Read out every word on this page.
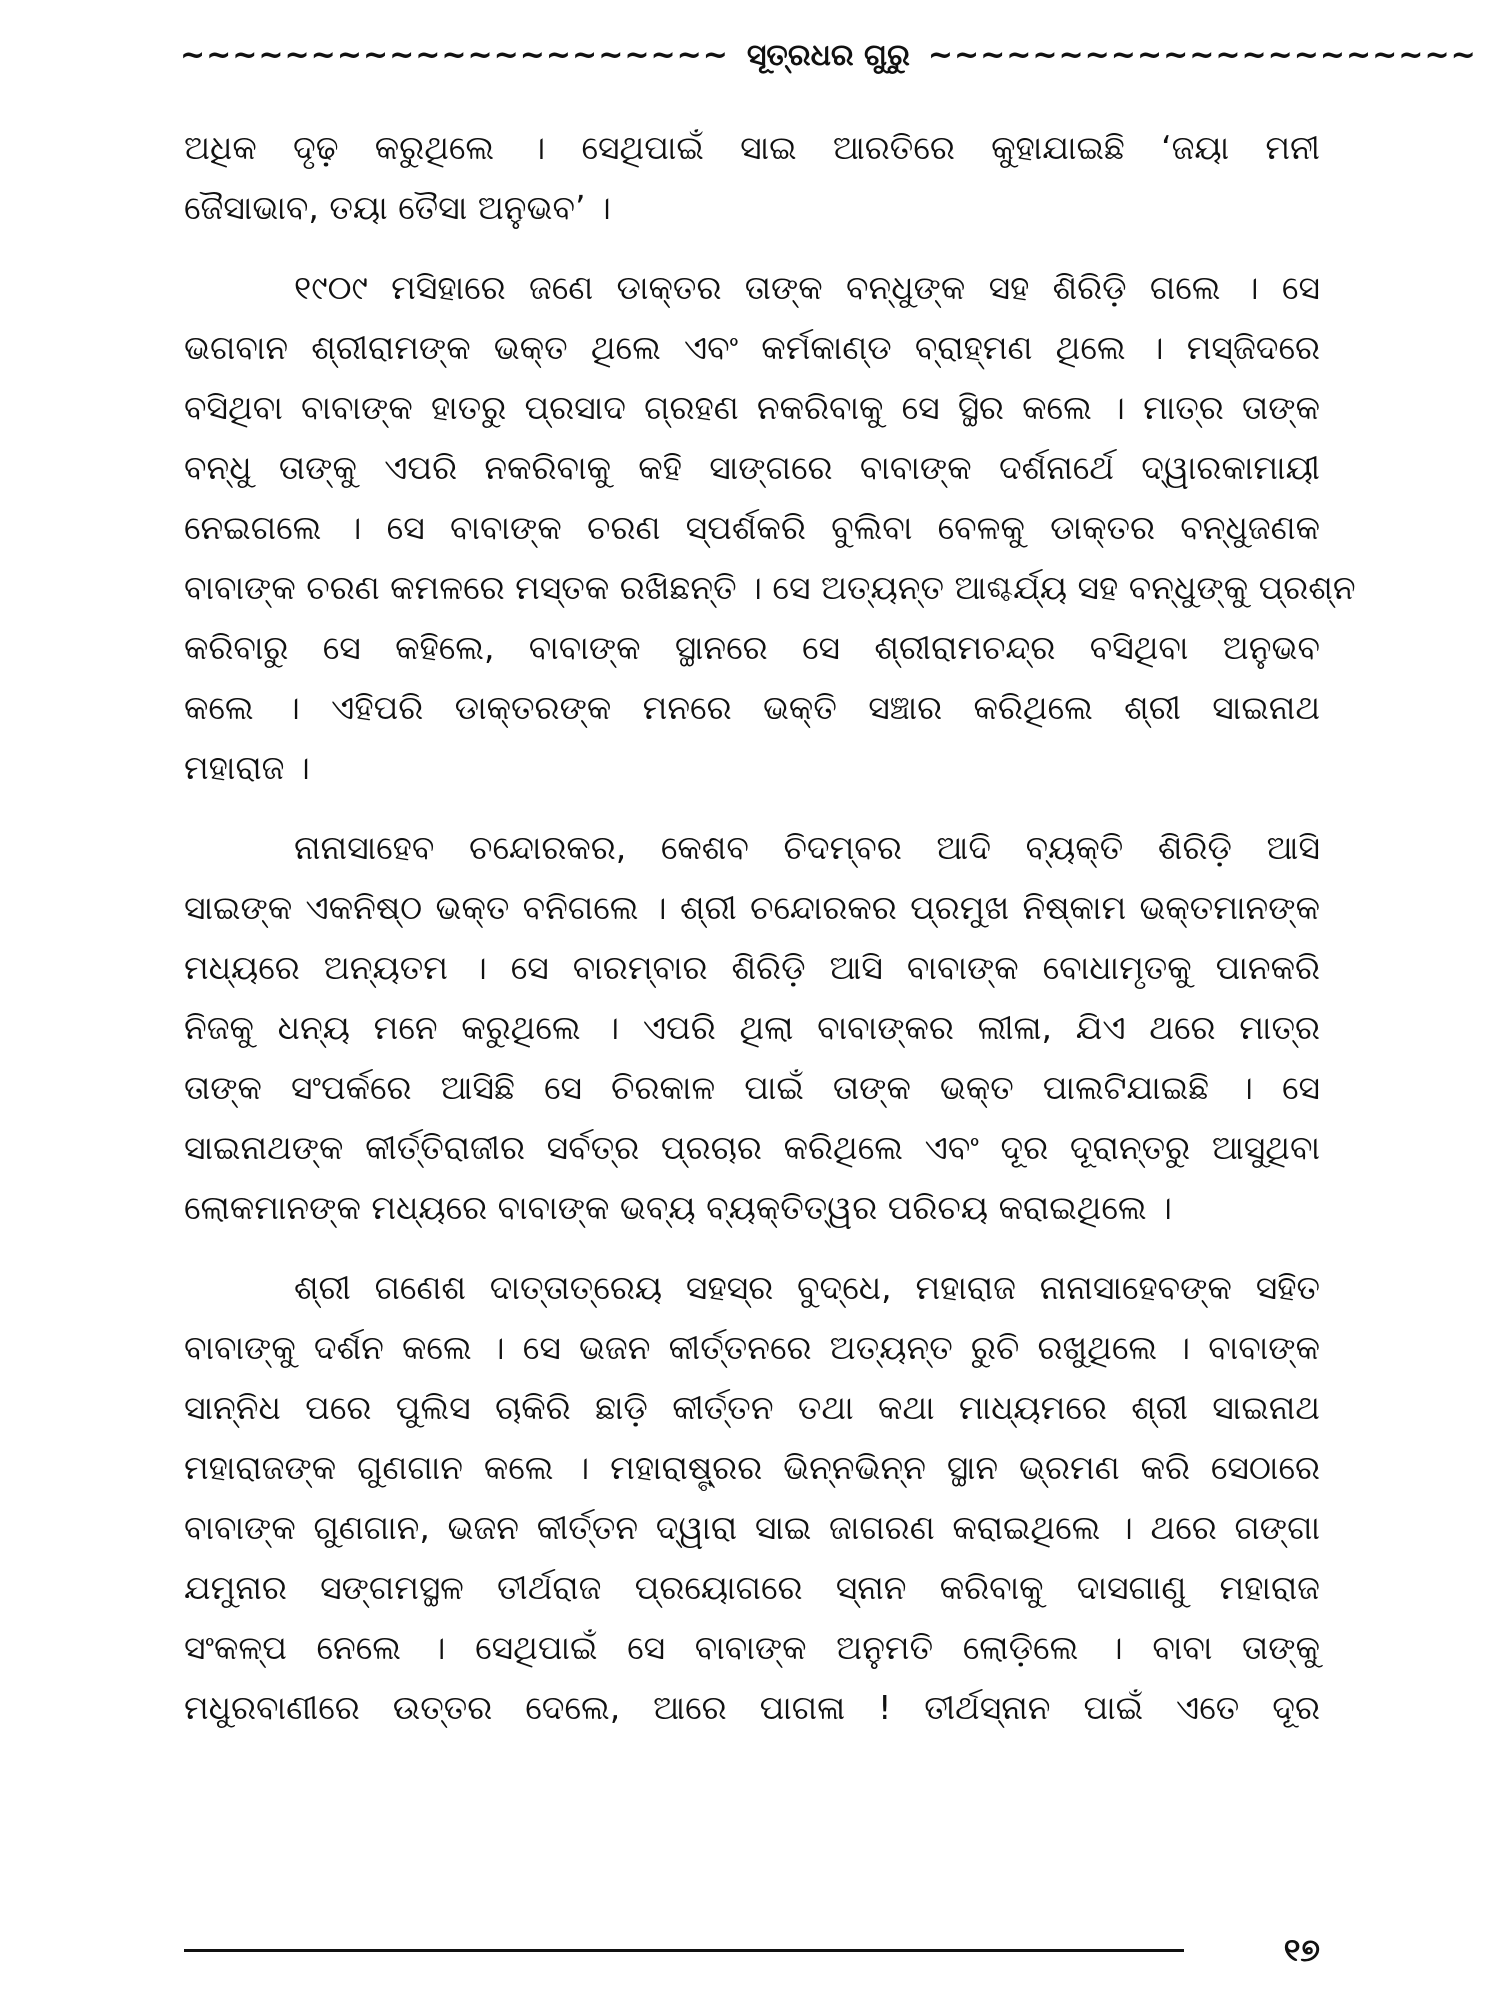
~~~~~~~~~~~~~~~~~~~~~ ସୂତ୍ରଧର ଗୁରୁ ~~~~~~~~~~~~~~~~~~~~~
ଅଧିକ ଦୃଢ଼ କରୁଥିଲେ । ସେଥିପାଇଁ ସାଇ ଆରତିରେ କୁହାଯାଇଛି ‘ଜୟା ମନୀ
ଜୈସାଭାବ, ତୟା ତୈସା ଅନୁଭବ’ ।
୧୯୦୯ ମସିହାରେ ଜଣେ ଡାକ୍ତର ତାଙ୍କ ବନ୍ଧୁଙ୍କ ସହ ଶିରିଡ଼ି ଗଲେ । ସେ
ଭଗବାନ ଶ୍ରୀରାମଙ୍କ ଭକ୍ତ ଥିଲେ ଏବଂ କର୍ମକାଣ୍ଡ ବ୍ରାହ୍ମଣ ଥିଲେ । ମସ୍‌ଜିଦରେ
ବସିଥିବା ବାବାଙ୍କ ହାତରୁ ପ୍ରସାଦ ଗ୍ରହଣ ନକରିବାକୁ ସେ ସ୍ଥିର କଲେ । ମାତ୍ର ତାଙ୍କ
ବନ୍ଧୁ ତାଙ୍କୁ ଏପରି ନକରିବାକୁ କହି ସାଙ୍ଗରେ ବାବାଙ୍କ ଦର୍ଶନାର୍ଥେ ଦ୍ୱାରକାମାୟୀ
ନେଇଗଲେ । ସେ ବାବାଙ୍କ ଚରଣ ସ୍ପର୍ଶକରି ବୁଲିବା ବେଳକୁ ଡାକ୍ତର ବନ୍ଧୁଜଣକ
ବାବାଙ୍କ ଚରଣ କମଳରେ ମସ୍ତକ ରଖିଛନ୍ତି । ସେ ଅତ୍ୟନ୍ତ ଆଶ୍ଚର୍ଯ୍ୟ ସହ ବନ୍ଧୁଙ୍କୁ ପ୍ରଶ୍ନ
କରିବାରୁ ସେ କହିଲେ, ବାବାଙ୍କ ସ୍ଥାନରେ ସେ ଶ୍ରୀରାମଚନ୍ଦ୍ର ବସିଥିବା ଅନୁଭବ
କଲେ । ଏହିପରି ଡାକ୍ତରଙ୍କ ମନରେ ଭକ୍ତି ସଞ୍ଚାର କରିଥିଲେ ଶ୍ରୀ ସାଇନାଥ
ମହାରାଜ ।
ନାନାସାହେବ ଚନ୍ଦୋରକର, କେଶବ ଚିଦମ୍ବର ଆଦି ବ୍ୟକ୍ତି ଶିରିଡ଼ି ଆସି
ସାଇଙ୍କ ଏକନିଷ୍ଠ ଭକ୍ତ ବନିଗଲେ । ଶ୍ରୀ ଚନ୍ଦୋରକର ପ୍ରମୁଖ ନିଷ୍କାମ ଭକ୍ତମାନଙ୍କ
ମଧ୍ୟରେ ଅନ୍ୟତମ । ସେ ବାରମ୍ବାର ଶିରିଡ଼ି ଆସି ବାବାଙ୍କ ବୋଧାମୃତକୁ ପାନକରି
ନିଜକୁ ଧନ୍ୟ ମନେ କରୁଥିଲେ । ଏପରି ଥିଲା ବାବାଙ୍କର ଲୀଳା, ଯିଏ ଥରେ ମାତ୍ର
ତାଙ୍କ ସଂପର୍କରେ ଆସିଛି ସେ ଚିରକାଳ ପାଇଁ ତାଙ୍କ ଭକ୍ତ ପାଲଟିଯାଇଛି । ସେ
ସାଇନାଥଙ୍କ କୀର୍ତ୍ତିରାଜୀର ସର୍ବତ୍ର ପ୍ରଚାର କରିଥିଲେ ଏବଂ ଦୂର ଦୂରାନ୍ତରୁ ଆସୁଥିବା
ଲୋକମାନଙ୍କ ମଧ୍ୟରେ ବାବାଙ୍କ ଭବ୍ୟ ବ୍ୟକ୍ତିତ୍ୱର ପରିଚୟ କରାଇଥିଲେ ।
ଶ୍ରୀ ଗଣେଶ ଦାତ୍ତାତ୍ରେୟ ସହସ୍ର ବୁଦ୍ଧେ, ମହାରାଜ ନାନାସାହେବଙ୍କ ସହିତ
ବାବାଙ୍କୁ ଦର୍ଶନ କଲେ । ସେ ଭଜନ କୀର୍ତ୍ତନରେ ଅତ୍ୟନ୍ତ ରୁଚି ରଖୁଥିଲେ । ବାବାଙ୍କ
ସାନ୍ନିଧ ପରେ ପୁଲିସ ଚାକିରି ଛାଡ଼ି କୀର୍ତ୍ତନ ତଥା କଥା ମାଧ୍ୟମରେ ଶ୍ରୀ ସାଇନାଥ
ମହାରାଜଙ୍କ ଗୁଣଗାନ କଲେ । ମହାରାଷ୍ଟ୍ରର ଭିନ୍ନଭିନ୍ନ ସ୍ଥାନ ଭ୍ରମଣ କରି ସେଠାରେ
ବାବାଙ୍କ ଗୁଣଗାନ, ଭଜନ କୀର୍ତ୍ତନ ଦ୍ୱାରା ସାଇ ଜାଗରଣ କରାଇଥିଲେ । ଥରେ ଗଙ୍ଗା
ଯମୁନାର ସଙ୍ଗମସ୍ଥଳ ତୀର୍ଥରାଜ ପ୍ରୟୋଗରେ ସ୍ନାନ କରିବାକୁ ଦାସଗାଣୁ ମହାରାଜ
ସଂକଳ୍ପ ନେଲେ । ସେଥିପାଇଁ ସେ ବାବାଙ୍କ ଅନୁମତି ଲୋଡ଼ିଲେ । ବାବା ତାଙ୍କୁ
ମଧୁରବାଣୀରେ ଉତ୍ତର ଦେଲେ, ଆରେ ପାଗଳା ! ତୀର୍ଥସ୍ନାନ ପାଇଁ ଏତେ ଦୂର
୧୭
